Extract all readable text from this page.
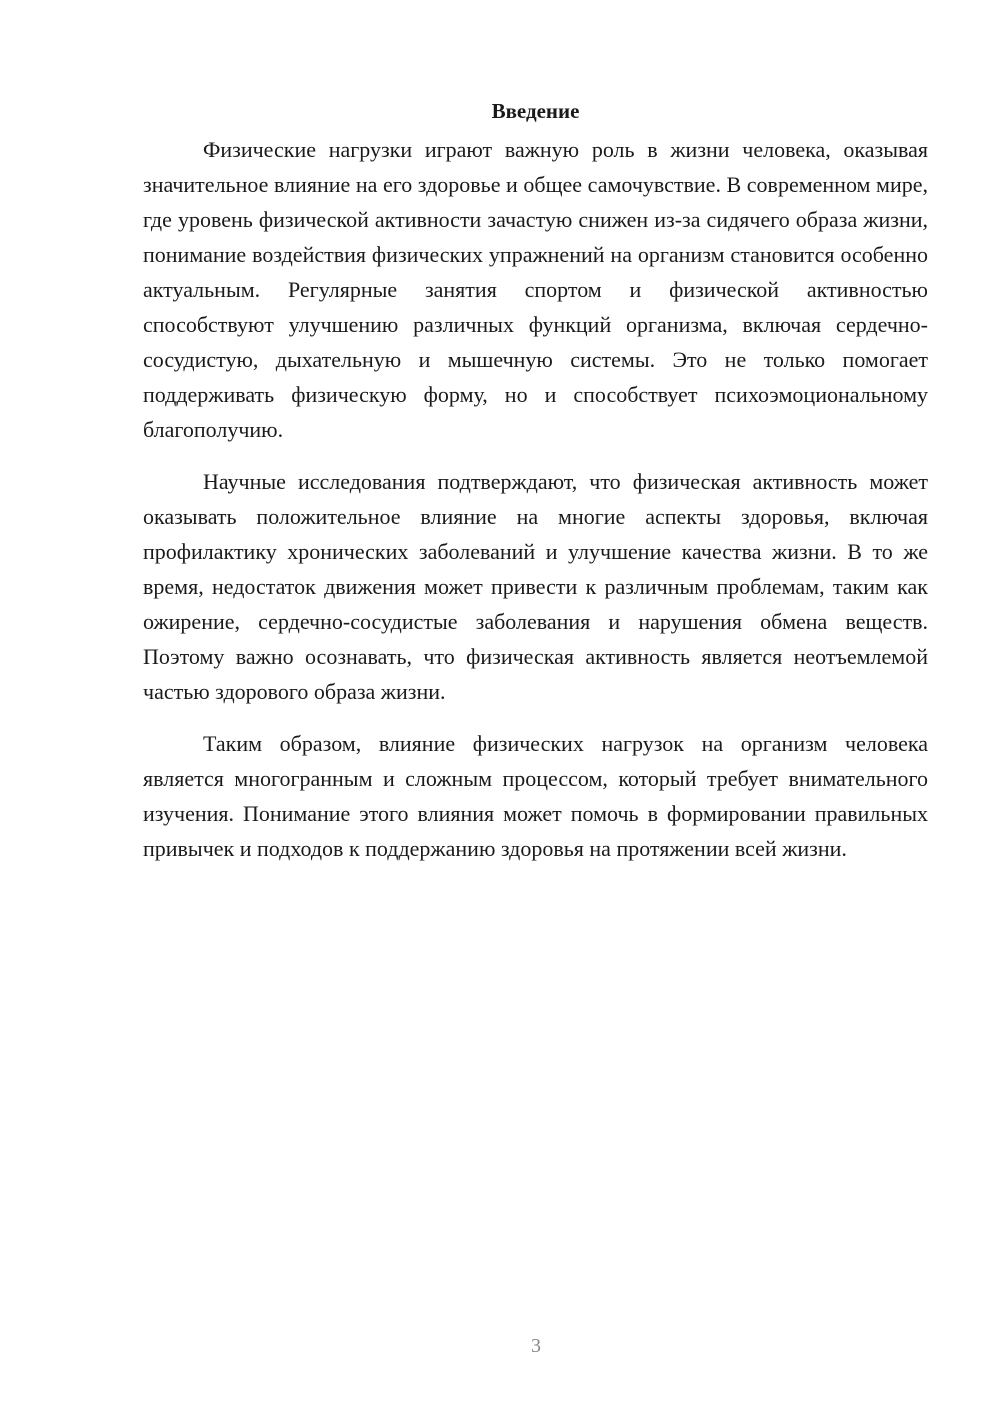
Введение

Физические нагрузки играют важную роль в жизни человека, оказывая значительное влияние на его здоровье и общее самочувствие. В современном мире, где уровень физической активности зачастую снижен из-за сидячего образа жизни, понимание воздействия физических упражнений на организм становится особенно актуальным. Регулярные занятия спортом и физической активностью способствуют улучшению различных функций организма, включая сердечно-сосудистую, дыхательную и мышечную системы. Это не только помогает поддерживать физическую форму, но и способствует психоэмоциональному благополучию.

Научные исследования подтверждают, что физическая активность может оказывать положительное влияние на многие аспекты здоровья, включая профилактику хронических заболеваний и улучшение качества жизни. В то же время, недостаток движения может привести к различным проблемам, таким как ожирение, сердечно-сосудистые заболевания и нарушения обмена веществ. Поэтому важно осознавать, что физическая активность является неотъемлемой частью здорового образа жизни.

Таким образом, влияние физических нагрузок на организм человека является многогранным и сложным процессом, который требует внимательного изучения. Понимание этого влияния может помочь в формировании правильных привычек и подходов к поддержанию здоровья на протяжении всей жизни.

3
